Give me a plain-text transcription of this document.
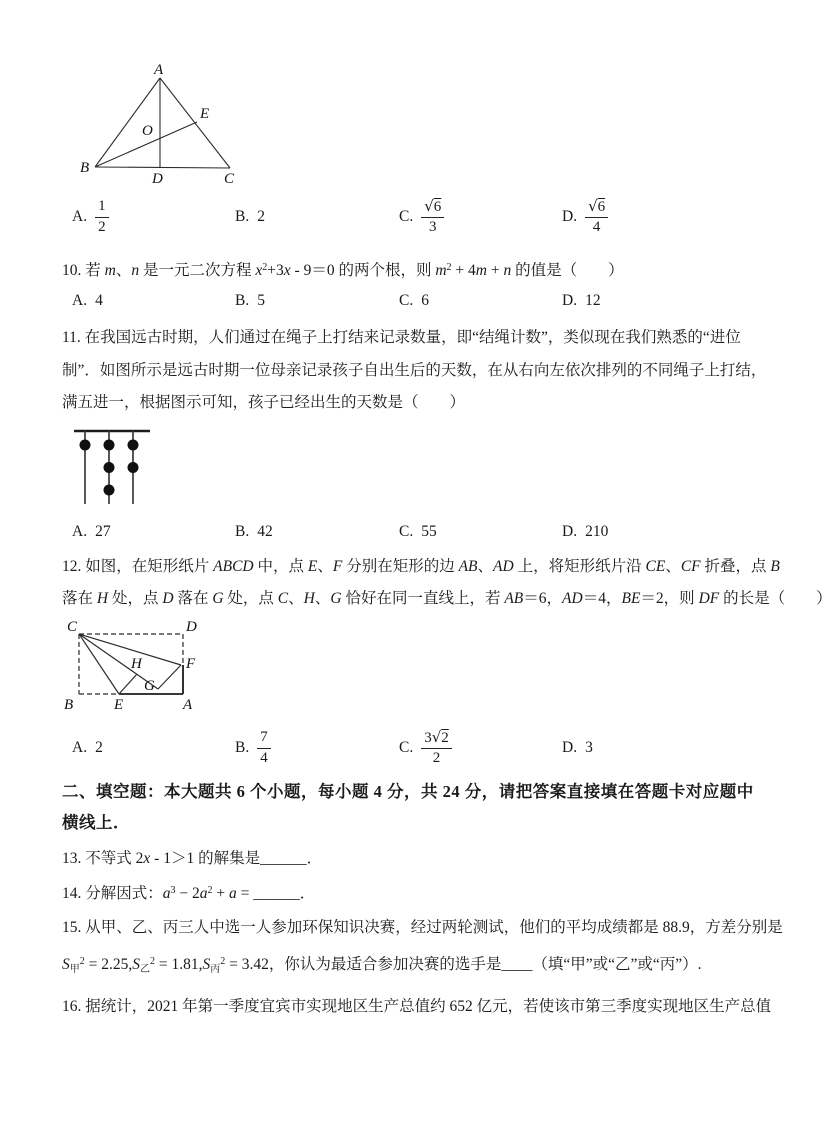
A
B
C
D
E
O
A. $\frac{1}{2}$	B. 2	C. $\frac{√6}{3}$	D. $\frac{√6}{4}$
10. 若 m、n 是一元二次方程 $x^2+3x - 9=0$ 的两个根，则 $m^2 + 4m + n$ 的值是（　　）
A. 4	B. 5	C. 6	D. 12
11. 在我国远古时期，人们通过在绳子上打结来记录数量，即“结绳计数”，类似现在我们熟悉的“进位
制”．如图所示是远古时期一位母亲记录孩子自出生后的天数，在从右向左依次排列的不同绳子上打结，
满五进一，根据图示可知，孩子已经出生的天数是（　　）
A. 27	B. 42	C. 55	D. 210
12. 如图，在矩形纸片 ABCD 中，点 E、F 分别在矩形的边 AB、AD 上，将矩形纸片沿 CE、CF 折叠，点 B
落在 H 处，点 D 落在 G 处，点 C、H、G 恰好在同一直线上，若 AB＝6，AD＝4，BE＝2，则 DF 的长是（　　）
C	D
B	A
E
F
H
G
A. 2	B. $\frac{7}{4}$	C. $\frac{3√2}{2}$	D. 3
二、填空题：本大题共 6 个小题，每小题 4 分，共 24 分，请把答案直接填在答题卡对应题中
横线上．
13. 不等式 2x - 1＞1 的解集是______．
14. 分解因式：$a^3 - 2a^2 + a$ = ______．
15. 从甲、乙、丙三人中选一人参加环保知识决赛，经过两轮测试，他们的平均成绩都是 88.9，方差分别是
S甲$^2$ = 2.25,S乙$^2$ = 1.81,S丙$^2$ = 3.42，你认为最适合参加决赛的选手是____（填“甲”或“乙”或“丙”）.
16. 据统计，2021 年第一季度宜宾市实现地区生产总值约 652 亿元，若使该市第三季度实现地区生产总值
